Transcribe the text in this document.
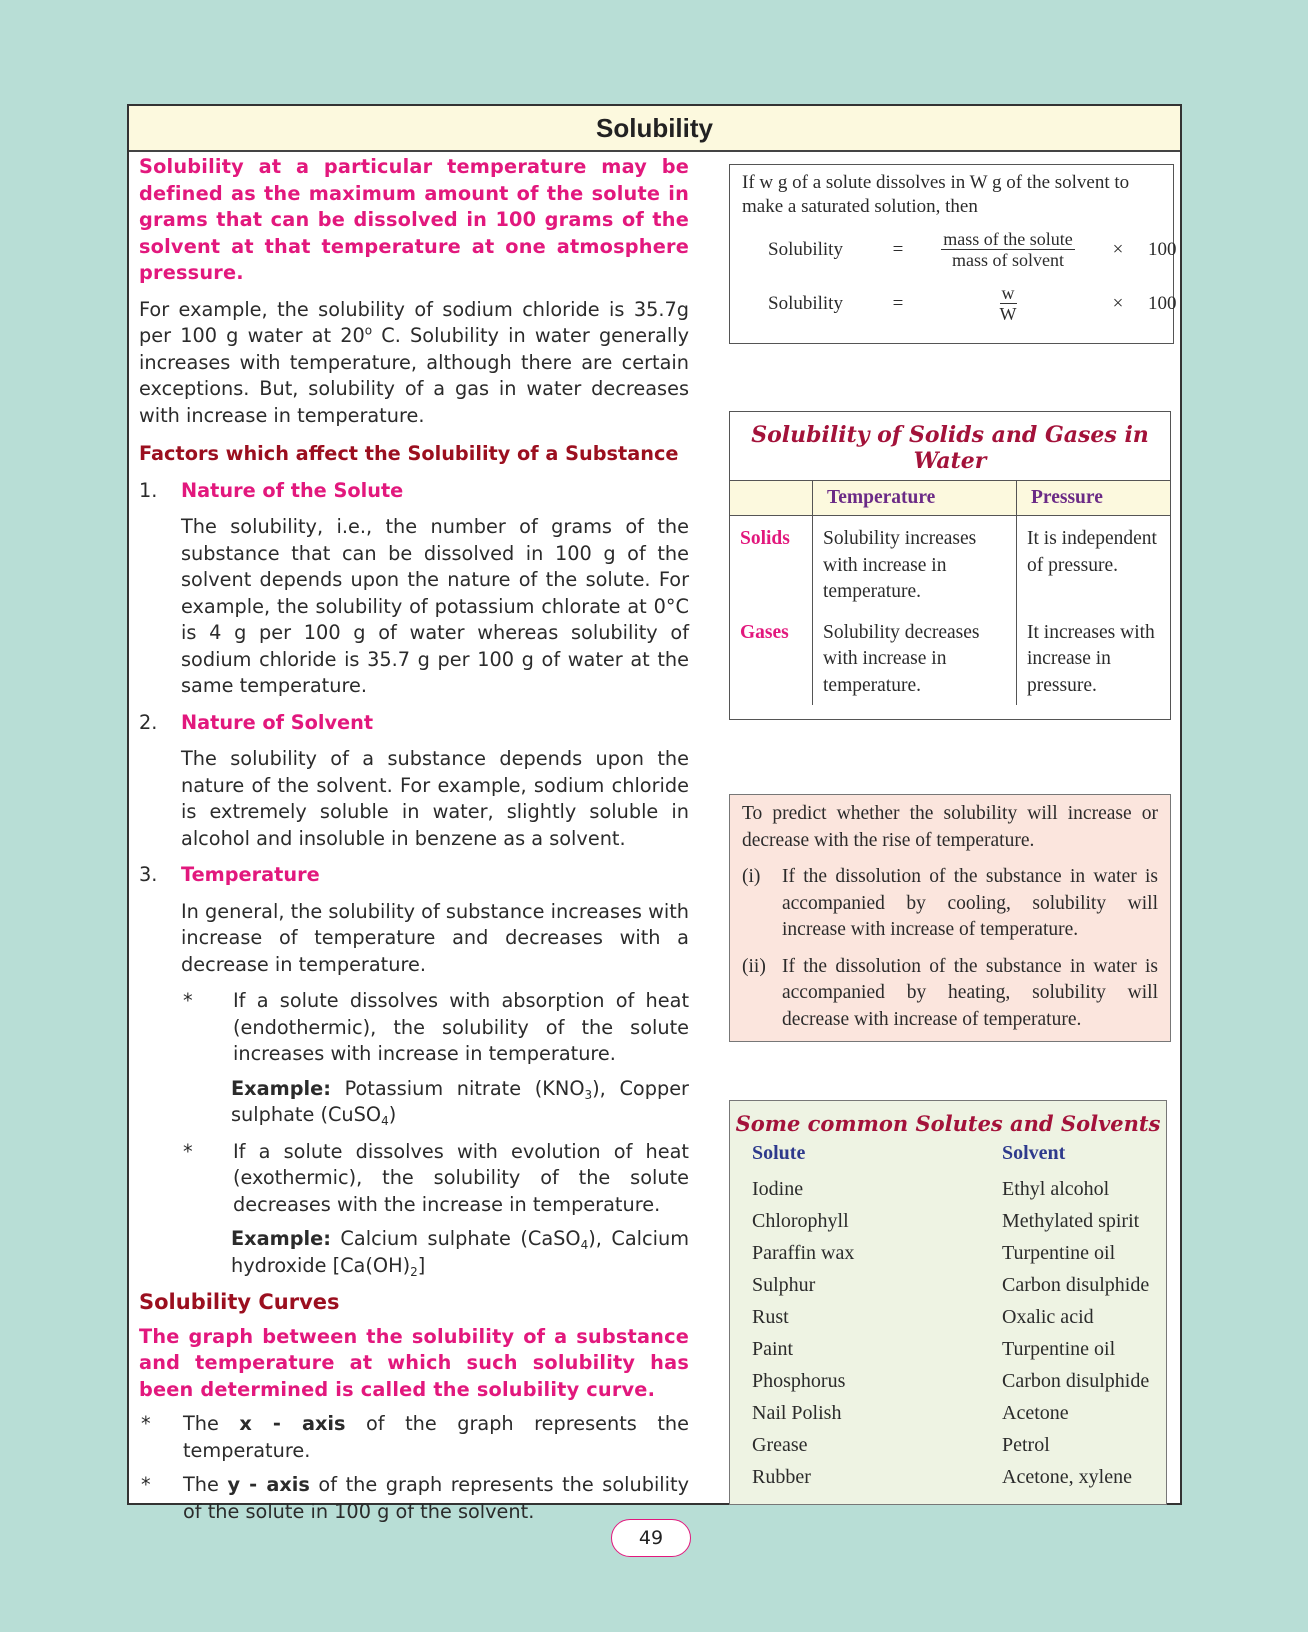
Solubility

Solubility at a particular temperature may be defined as the maximum amount of the solute in grams that can be dissolved in 100 grams of the solvent at that temperature at one atmosphere pressure.

For example, the solubility of sodium chloride is 35.7g per 100 g water at 20$^o$ C. Solubility in water generally increases with temperature, although there are certain exceptions. But, solubility of a gas in water decreases with increase in temperature.

Factors which affect the Solubility of a Substance
1.	Nature of the Solute
The solubility, i.e., the number of grams of the substance that can be dissolved in 100 g of the solvent depends upon the nature of the solute. For example, the solubility of potassium chlorate at 0°C is 4 g per 100 g of water whereas solubility of sodium chloride is 35.7 g per 100 g of water at the same temperature.
2.	Nature of Solvent
The solubility of a substance depends upon the nature of the solvent. For example, sodium chloride is extremely soluble in water, slightly soluble in alcohol and insoluble in benzene as a solvent.
3.	Temperature
In general, the solubility of substance increases with increase of temperature and decreases with a decrease in temperature.
*	If a solute dissolves with absorption of heat (endothermic), the solubility of the solute increases with increase in temperature.
Example: Potassium nitrate $(KNO_3)$, Copper sulphate (CuSO$_4$)
*	If a solute dissolves with evolution of heat (exothermic), the solubility of the solute decreases with the increase in temperature.
Example: Calcium sulphate (CaSO$_4$), Calcium hydroxide $[Ca(OH)_2]$
Solubility Curves
The graph between the solubility of a substance and temperature at which such solubility has been determined is called the solubility curve.
*	The x - axis of the graph represents the temperature.
*	The y - axis of the graph represents the solubility of the solute in 100 g of the solvent.
If w g of a solute dissolves in W g of the solvent to make a saturated solution, then
Solubility	=	$\frac{\text{mass of the solute}}{\text{mass of solvent}}$	×	100
Solubility	=	$\frac{w}{W}$	×	100
Solubility of Solids and Gases in Water
	Temperature	Pressure
Solids	Solubility increases with increase in temperature.	It is independent of pressure.
Gases	Solubility decreases with increase in temperature.	It increases with increase in pressure.
To predict whether the solubility will increase or decrease with the rise of temperature.
(i)	If the dissolution of the substance in water is accompanied by cooling, solubility will increase with increase of temperature.
(ii) If the dissolution of the substance in water is accompanied by heating, solubility will decrease with increase of temperature.
Some common Solutes and Solvents
Solute	Solvent
Iodine	Ethyl alcohol
Chlorophyll	Methylated spirit
Paraffin wax	Turpentine oil
Sulphur	Carbon disulphide
Rust	Oxalic acid
Paint	Turpentine oil
Phosphorus	Carbon disulphide
Nail Polish	Acetone
Grease	Petrol
Rubber	Acetone, xylene
49
